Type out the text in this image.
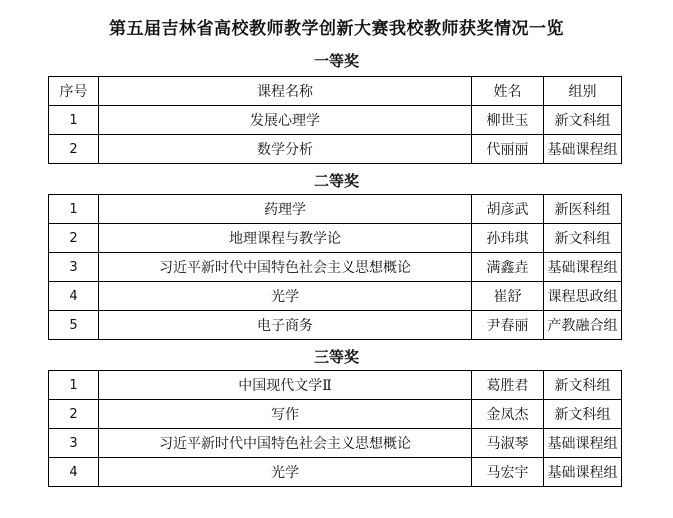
第五届吉林省高校教师教学创新大赛我校教师获奖情况一览
一等奖
序号	课程名称	姓名	组别
1	发展心理学	柳世玉	新文科组
2	数学分析	代丽丽	基础课程组
二等奖
1	药理学	胡彦武	新医科组
2	地理课程与教学论	孙玮琪	新文科组
3	习近平新时代中国特色社会主义思想概论	满鑫垚	基础课程组
4	光学	崔舒	课程思政组
5	电子商务	尹春丽	产教融合组
三等奖
1	中国现代文学Ⅱ	葛胜君	新文科组
2	写作	金凤杰	新文科组
3	习近平新时代中国特色社会主义思想概论	马淑琴	基础课程组
4	光学	马宏宇	基础课程组
